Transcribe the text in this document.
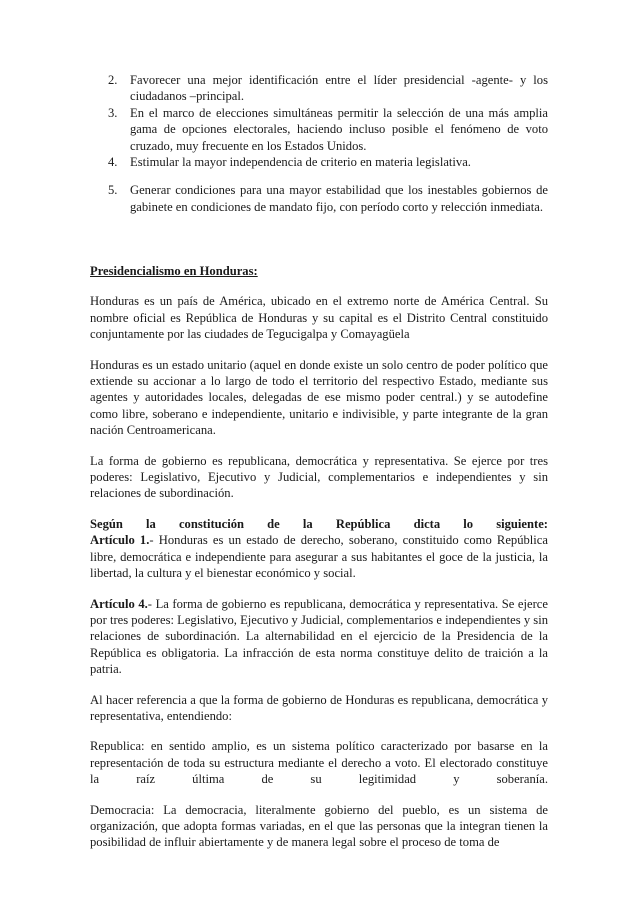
2. Favorecer una mejor identificación entre el líder presidencial -agente- y los ciudadanos –principal.
3. En el marco de elecciones simultáneas permitir la selección de una más amplia gama de opciones electorales, haciendo incluso posible el fenómeno de voto cruzado, muy frecuente en los Estados Unidos.
4. Estimular la mayor independencia de criterio en materia legislativa.
5. Generar condiciones para una mayor estabilidad que los inestables gobiernos de gabinete en condiciones de mandato fijo, con período corto y relección inmediata.
Presidencialismo en Honduras:

Honduras es un país de América, ubicado en el extremo norte de América Central. Su nombre oficial es República de Honduras y su capital es el Distrito Central constituido conjuntamente por las ciudades de Tegucigalpa y Comayagüela

Honduras es un estado unitario (aquel en donde existe un solo centro de poder político que extiende su accionar a lo largo de todo el territorio del respectivo Estado, mediante sus agentes y autoridades locales, delegadas de ese mismo poder central.) y se autodefine como libre, soberano e independiente, unitario e indivisible, y parte integrante de la gran nación Centroamericana.

La forma de gobierno es republicana, democrática y representativa. Se ejerce por tres poderes: Legislativo, Ejecutivo y Judicial, complementarios e independientes y sin relaciones de subordinación.

Según la constitución de la República dicta lo siguiente:
Artículo 1.- Honduras es un estado de derecho, soberano, constituido como República libre, democrática e independiente para asegurar a sus habitantes el goce de la justicia, la libertad, la cultura y el bienestar económico y social.

Artículo 4.- La forma de gobierno es republicana, democrática y representativa. Se ejerce por tres poderes: Legislativo, Ejecutivo y Judicial, complementarios e independientes y sin relaciones de subordinación. La alternabilidad en el ejercicio de la Presidencia de la República es obligatoria. La infracción de esta norma constituye delito de traición a la patria.

Al hacer referencia a que la forma de gobierno de Honduras es republicana, democrática y representativa, entendiendo:

Republica: en sentido amplio, es un sistema político caracterizado por basarse en la representación de toda su estructura mediante el derecho a voto. El electorado constituye la raíz última de su legitimidad y soberanía.

Democracia: La democracia, literalmente gobierno del pueblo, es un sistema de organización, que adopta formas variadas, en el que las personas que la integran tienen la posibilidad de influir abiertamente y de manera legal sobre el proceso de toma de
